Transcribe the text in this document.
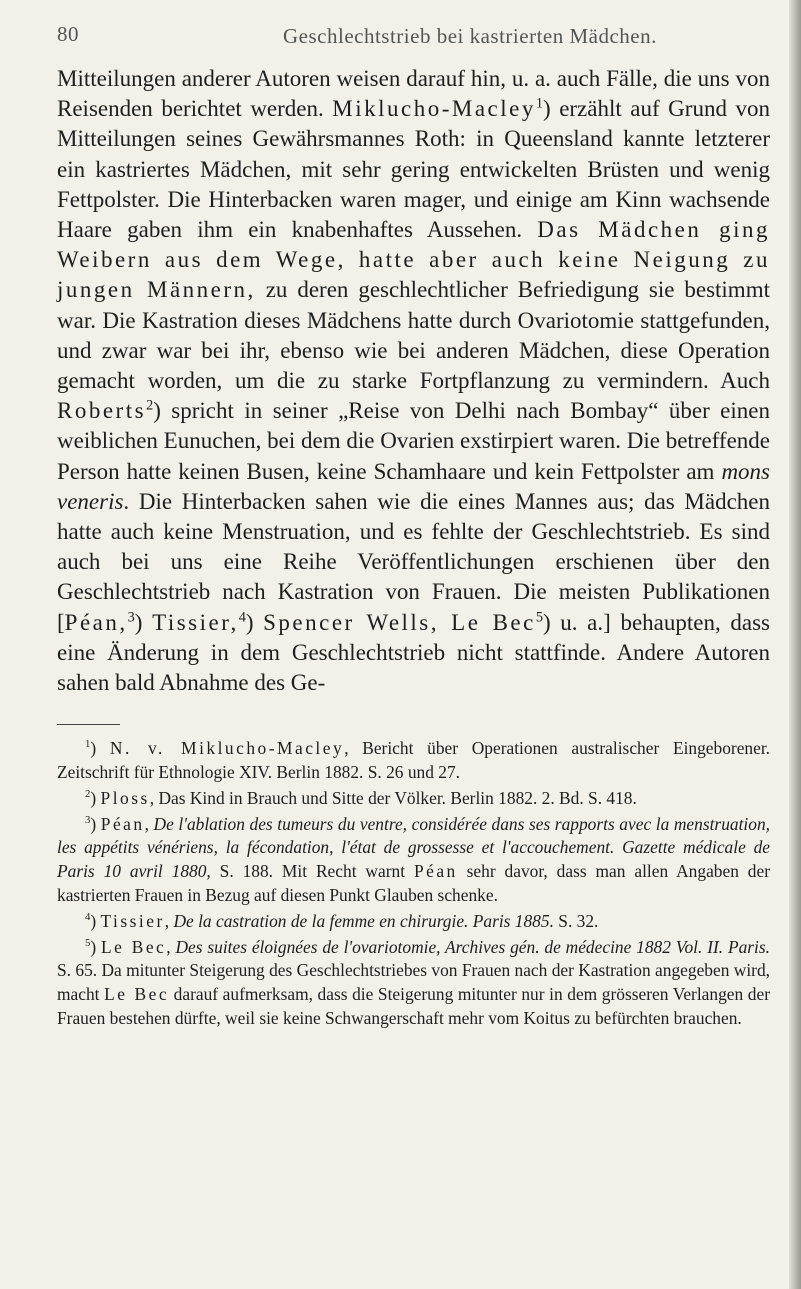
80	Geschlechtstrieb bei kastrierten Mädchen.

Mitteilungen anderer Autoren weisen darauf hin, u. a. auch Fälle, die uns von Reisenden berichtet werden. Miklucho-Macley$^1$) erzählt auf Grund von Mitteilungen seines Gewährsmannes Roth: in Queensland kannte letzterer ein kastriertes Mädchen, mit sehr gering entwickelten Brüsten und wenig Fettpolster. Die Hinterbacken waren mager, und einige am Kinn wachsende Haare gaben ihm ein knabenhaftes Aussehen. Das Mädchen ging Weibern aus dem Wege, hatte aber auch keine Neigung zu jungen Männern, zu deren geschlechtlicher Befriedigung sie bestimmt war. Die Kastration dieses Mädchens hatte durch Ovariotomie stattgefunden, und zwar war bei ihr, ebenso wie bei anderen Mädchen, diese Operation gemacht worden, um die zu starke Fortpflanzung zu vermindern. Auch Roberts$^2$) spricht in seiner „Reise von Delhi nach Bombay“ über einen weiblichen Eunuchen, bei dem die Ovarien exstirpiert waren. Die betreffende Person hatte keinen Busen, keine Schamhaare und kein Fettpolster am mons veneris. Die Hinterbacken sahen wie die eines Mannes aus; das Mädchen hatte auch keine Menstruation, und es fehlte der Geschlechtstrieb. Es sind auch bei uns eine Reihe Veröffentlichungen erschienen über den Geschlechtstrieb nach Kastration von Frauen. Die meisten Publikationen [Péan,$^3$) Tissier,$^4$) Spencer Wells, Le Bec$^5$) u. a.] behaupten, dass eine Änderung in dem Geschlechtstrieb nicht stattfinde. Andere Autoren sahen bald Abnahme des Ge-

$^1$) N. v. Miklucho-Macley, Bericht über Operationen australischer Eingeborener. Zeitschrift für Ethnologie XIV. Berlin 1882. S. 26 und 27.

$^2$) Ploss, Das Kind in Brauch und Sitte der Völker. Berlin 1882. 2. Bd. S. 418.

$^3$) Péan, De l'ablation des tumeurs du ventre, considérée dans ses rapports avec la menstruation, les appétits vénériens, la fécondation, l'état de grossesse et l'accouchement. Gazette médicale de Paris 10 avril 1880, S. 188. Mit Recht warnt Péan sehr davor, dass man allen Angaben der kastrierten Frauen in Bezug auf diesen Punkt Glauben schenke.

$^4$) Tissier, De la castration de la femme en chirurgie. Paris 1885. S. 32.

$^5$) Le Bec, Des suites éloignées de l'ovariotomie, Archives gén. de médecine 1882 Vol. II. Paris. S. 65. Da mitunter Steigerung des Geschlechtstriebes von Frauen nach der Kastration angegeben wird, macht Le Bec darauf aufmerksam, dass die Steigerung mitunter nur in dem grösseren Verlangen der Frauen bestehen dürfte, weil sie keine Schwangerschaft mehr vom Koitus zu befürchten brauchen.
